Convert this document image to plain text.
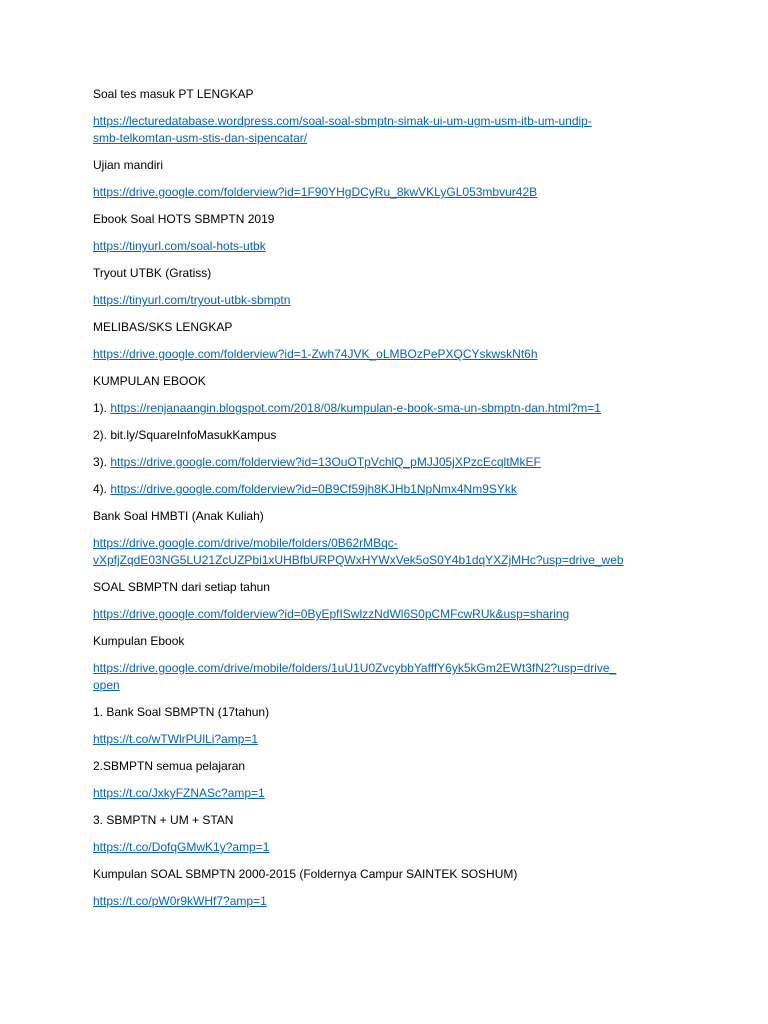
Soal tes masuk PT LENGKAP
https://lecturedatabase.wordpress.com/soal-soal-sbmptn-simak-ui-um-ugm-usm-itb-um-undip-
smb-telkomtan-usm-stis-dan-sipencatar/
Ujian mandiri
https://drive.google.com/folderview?id=1F90YHgDCyRu_8kwVKLyGL053mbvur42B
Ebook Soal HOTS SBMPTN 2019
https://tinyurl.com/soal-hots-utbk
Tryout UTBK (Gratiss)
https://tinyurl.com/tryout-utbk-sbmptn
MELIBAS/SKS LENGKAP
https://drive.google.com/folderview?id=1-Zwh74JVK_oLMBOzPePXQCYskwskNt6h
KUMPULAN EBOOK
1). https://renjanaangin.blogspot.com/2018/08/kumpulan-e-book-sma-un-sbmptn-dan.html?m=1
2). bit.ly/SquareInfoMasukKampus
3). https://drive.google.com/folderview?id=13OuOTpVchlQ_pMJJ05jXPzcEcqltMkEF
4). https://drive.google.com/folderview?id=0B9Cf59jh8KJHb1NpNmx4Nm9SYkk
Bank Soal HMBTI (Anak Kuliah)
https://drive.google.com/drive/mobile/folders/0B62rMBqc-
vXpfjZqdE03NG5LU21ZcUZPbi1xUHBfbURPQWxHYWxVek5oS0Y4b1dqYXZjMHc?usp=drive_web
SOAL SBMPTN dari setiap tahun
https://drive.google.com/folderview?id=0ByEpfISwlzzNdWl6S0pCMFcwRUk&usp=sharing
Kumpulan Ebook
https://drive.google.com/drive/mobile/folders/1uU1U0ZvcybbYafffY6yk5kGm2EWt3fN2?usp=drive_
open
1. Bank Soal SBMPTN (17tahun)
https://t.co/wTWlrPUlLi?amp=1
2.SBMPTN semua pelajaran
https://t.co/JxkyFZNASc?amp=1
3. SBMPTN + UM + STAN
https://t.co/DofqGMwK1y?amp=1
Kumpulan SOAL SBMPTN 2000-2015 (Foldernya Campur SAINTEK SOSHUM)
https://t.co/pW0r9kWHf7?amp=1
